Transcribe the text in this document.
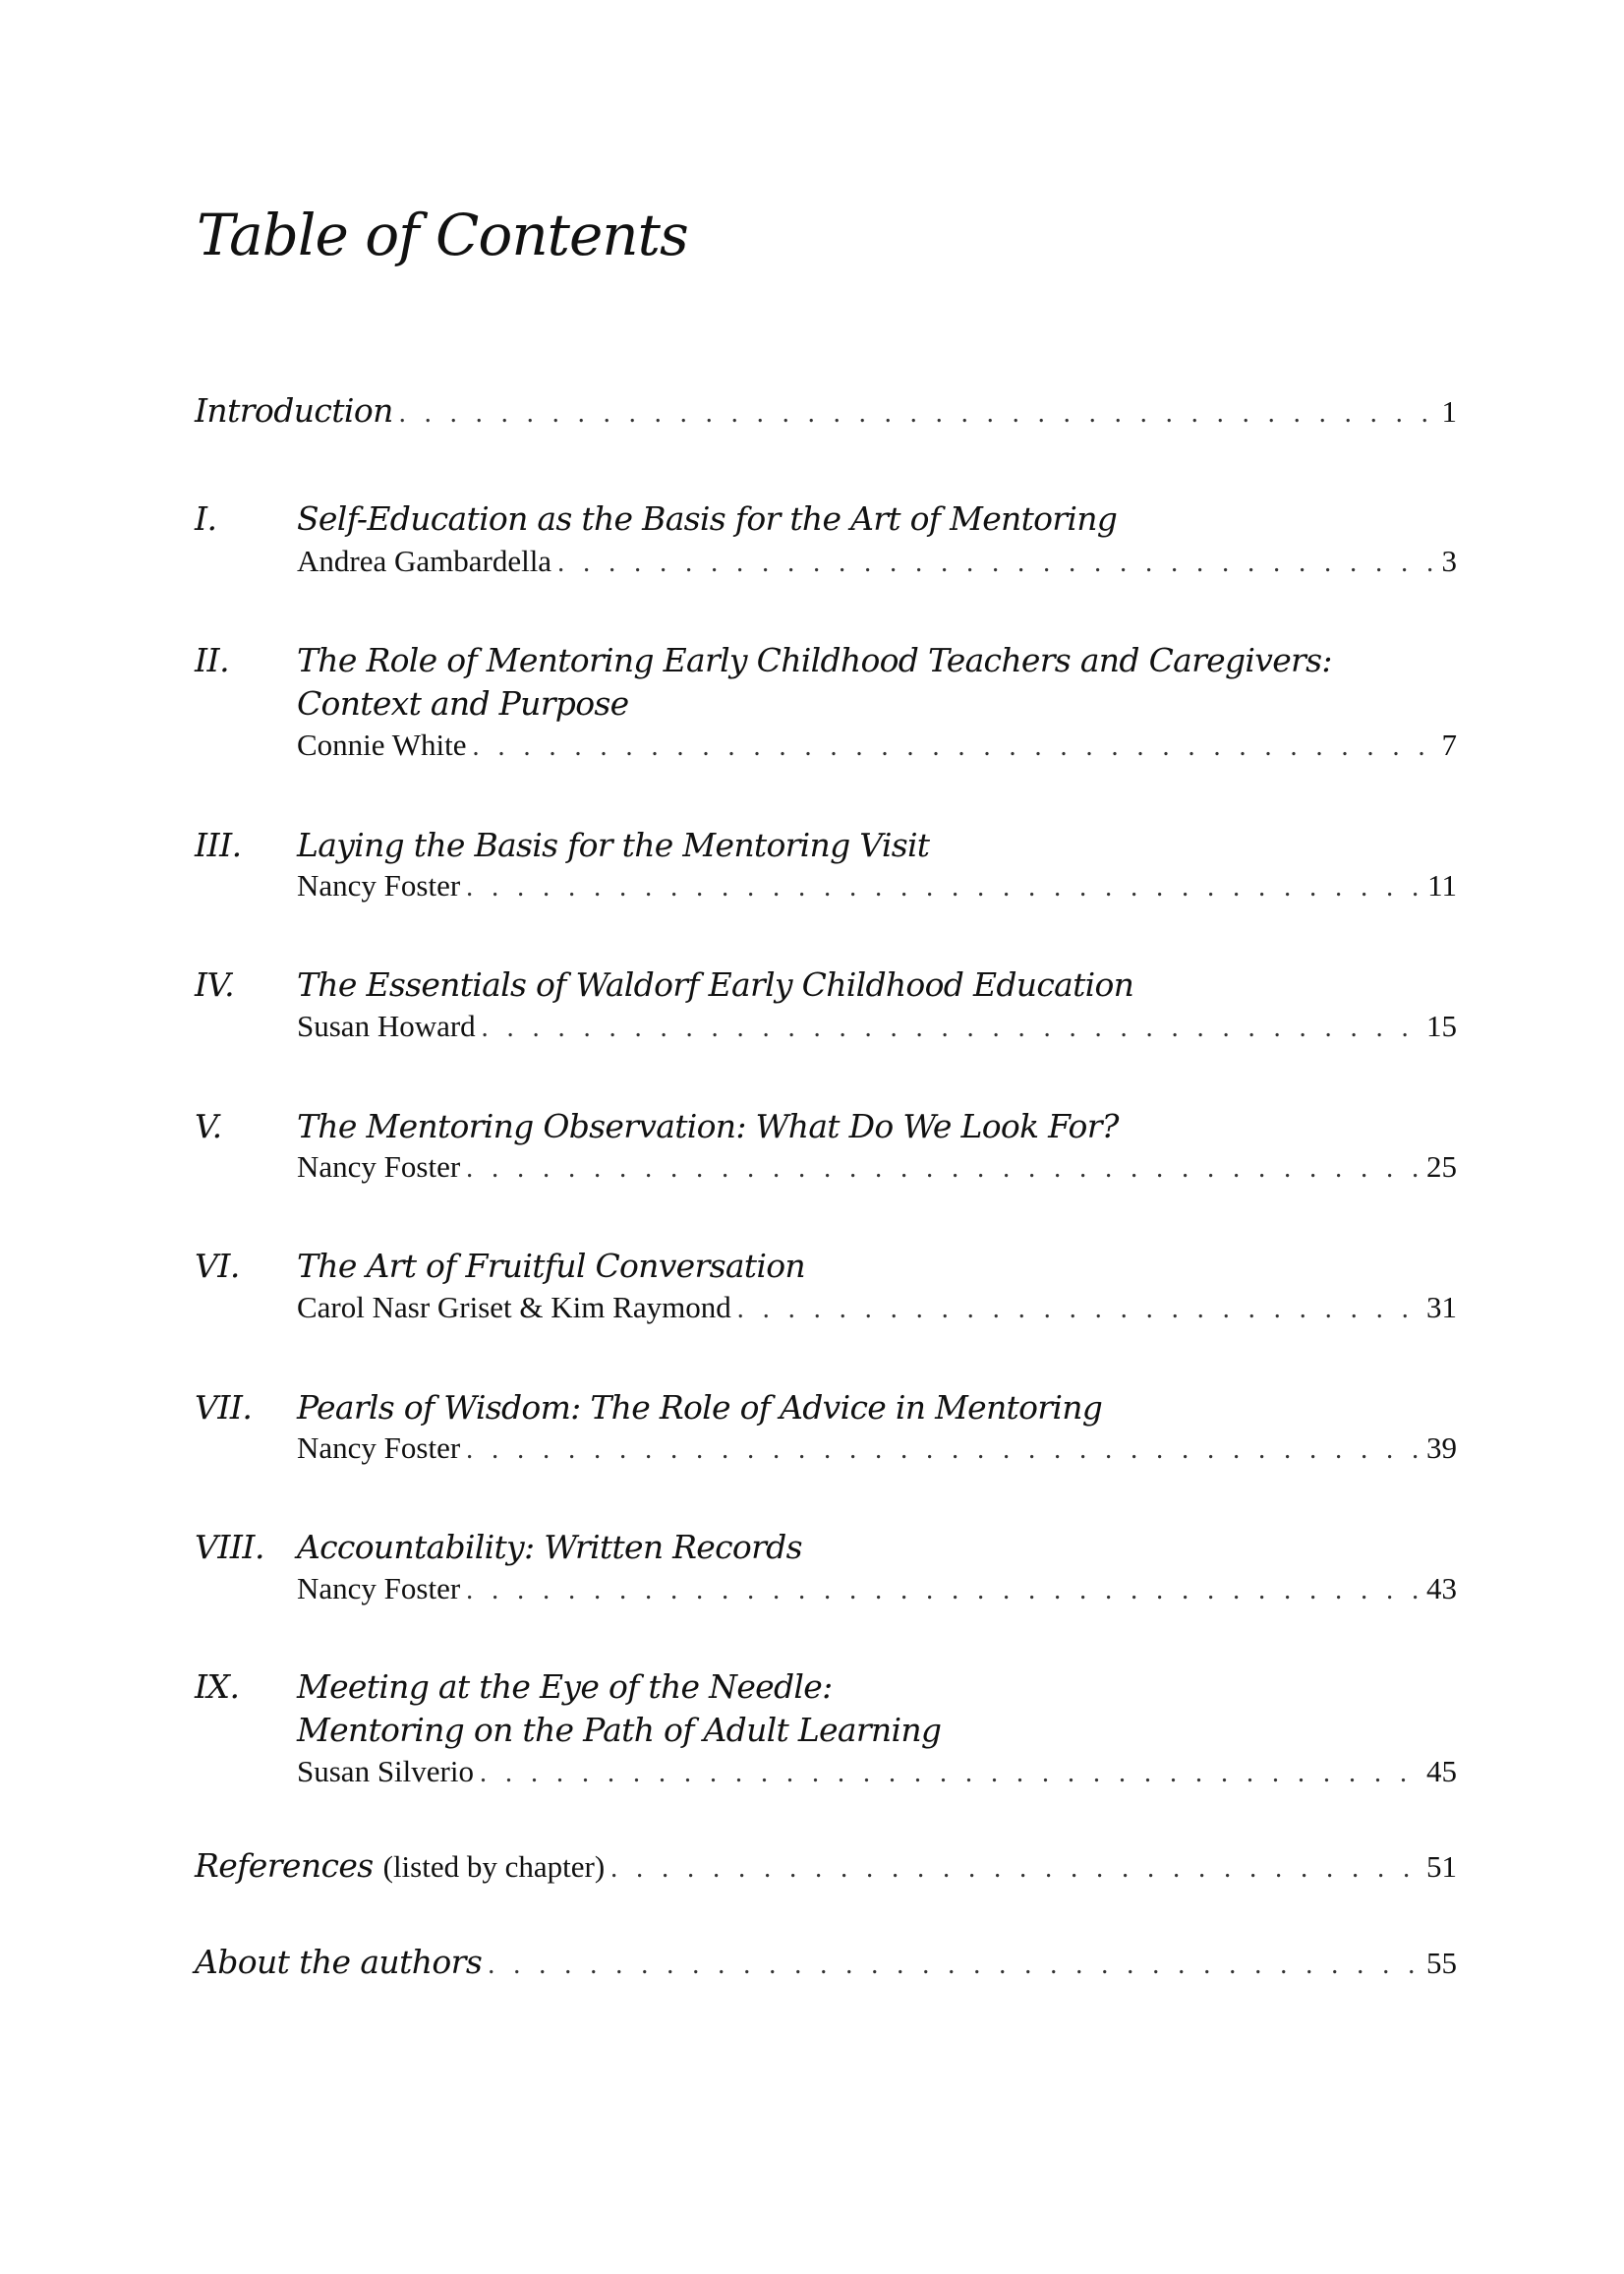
Table of Contents
Introduction . . .	1
I. Self-Education as the Basis for the Art of Mentoring
Andrea Gambardella . . .	3
II. The Role of Mentoring Early Childhood Teachers and Caregivers:
Context and Purpose
Connie White . . .	7
III. Laying the Basis for the Mentoring Visit
Nancy Foster . . .	11
IV. The Essentials of Waldorf Early Childhood Education
Susan Howard . . .	15
V. The Mentoring Observation: What Do We Look For?
Nancy Foster . . .	25
VI. The Art of Fruitful Conversation
Carol Nasr Griset & Kim Raymond . . .	31
VII. Pearls of Wisdom: The Role of Advice in Mentoring
Nancy Foster . . .	39
VIII. Accountability: Written Records
Nancy Foster . . .	43
IX. Meeting at the Eye of the Needle:
Mentoring on the Path of Adult Learning
Susan Silverio . . .	45
References (listed by chapter) . . .	51
About the authors . . .	55
